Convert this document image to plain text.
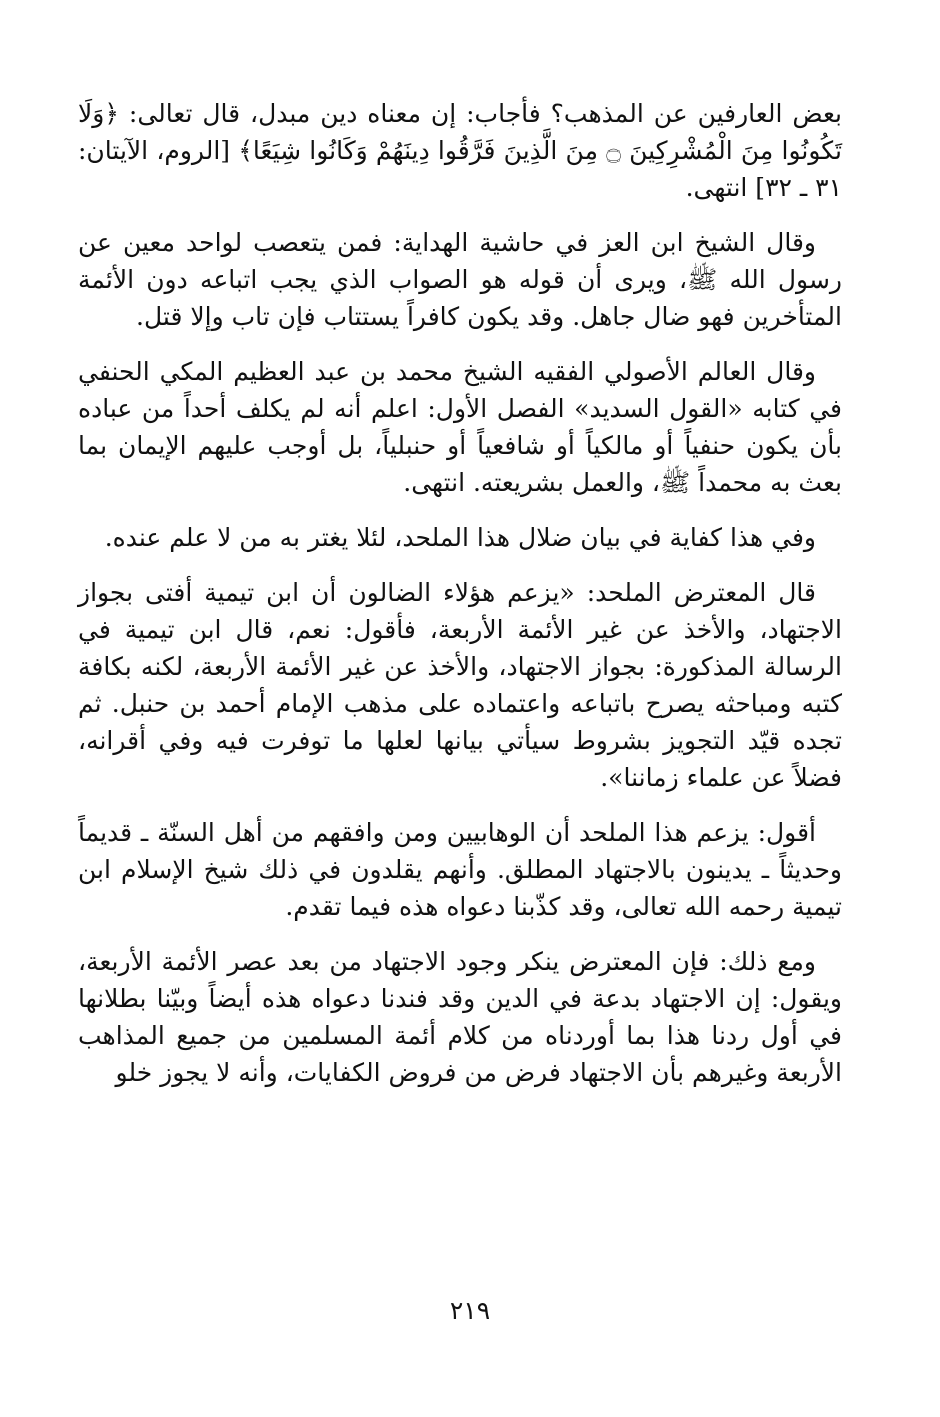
بعض العارفين عن المذهب؟ فأجاب: إن معناه دين مبدل، قال تعالى: ﴿وَلَا تَكُونُوا مِنَ الْمُشْرِكِينَ ۝ مِنَ الَّذِينَ فَرَّقُوا دِينَهُمْ وَكَانُوا شِيَعًا﴾ [الروم، الآيتان: ٣١ ـ ٣٢] انتهى.

وقال الشيخ ابن العز في حاشية الهداية: فمن يتعصب لواحد معين عن رسول الله ﷺ، ويرى أن قوله هو الصواب الذي يجب اتباعه دون الأئمة المتأخرين فهو ضال جاهل. وقد يكون كافراً يستتاب فإن تاب وإلا قتل.

وقال العالم الأصولي الفقيه الشيخ محمد بن عبد العظيم المكي الحنفي في كتابه «القول السديد» الفصل الأول: اعلم أنه لم يكلف أحداً من عباده بأن يكون حنفياً أو مالكياً أو شافعياً أو حنبلياً، بل أوجب عليهم الإيمان بما بعث به محمداً ﷺ، والعمل بشريعته. انتهى.

وفي هذا كفاية في بيان ضلال هذا الملحد، لئلا يغتر به من لا علم عنده.

قال المعترض الملحد: «يزعم هؤلاء الضالون أن ابن تيمية أفتى بجواز الاجتهاد، والأخذ عن غير الأئمة الأربعة، فأقول: نعم، قال ابن تيمية في الرسالة المذكورة: بجواز الاجتهاد، والأخذ عن غير الأئمة الأربعة، لكنه بكافة كتبه ومباحثه يصرح باتباعه واعتماده على مذهب الإمام أحمد بن حنبل. ثم تجده قيّد التجويز بشروط سيأتي بيانها لعلها ما توفرت فيه وفي أقرانه، فضلاً عن علماء زماننا».

أقول: يزعم هذا الملحد أن الوهابيين ومن وافقهم من أهل السنّة ـ قديماً وحديثاً ـ يدينون بالاجتهاد المطلق. وأنهم يقلدون في ذلك شيخ الإسلام ابن تيمية رحمه الله تعالى، وقد كذّبنا دعواه هذه فيما تقدم.

ومع ذلك: فإن المعترض ينكر وجود الاجتهاد من بعد عصر الأئمة الأربعة، ويقول: إن الاجتهاد بدعة في الدين وقد فندنا دعواه هذه أيضاً وبيّنا بطلانها في أول ردنا هذا بما أوردناه من كلام أئمة المسلمين من جميع المذاهب الأربعة وغيرهم بأن الاجتهاد فرض من فروض الكفايات، وأنه لا يجوز خلو

٢١٩
